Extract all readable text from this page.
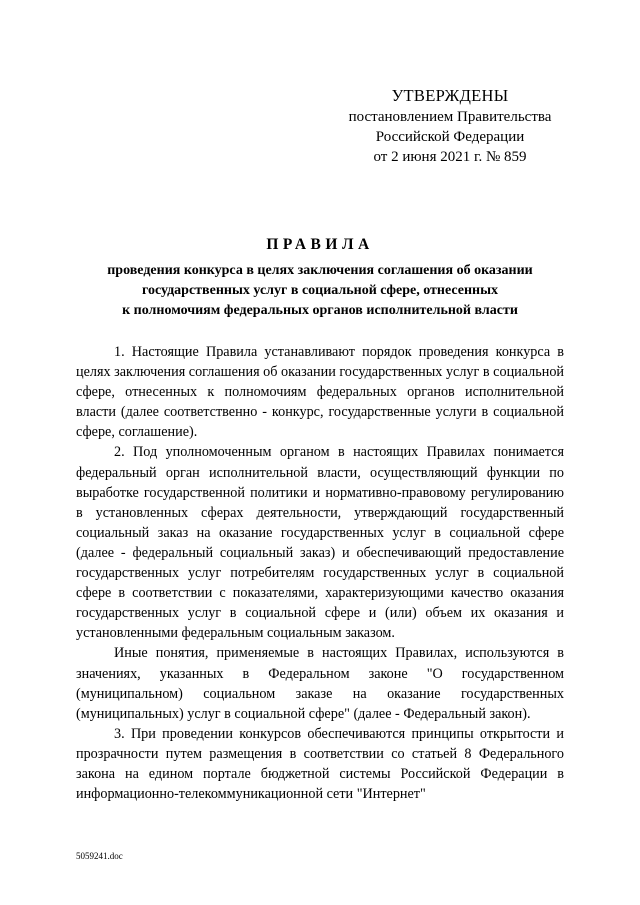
УТВЕРЖДЕНЫ
постановлением Правительства
Российской Федерации
от 2 июня 2021 г. № 859
ПРАВИЛА
проведения конкурса в целях заключения соглашения об оказании
государственных услуг в социальной сфере, отнесенных
к полномочиям федеральных органов исполнительной власти

1. Настоящие Правила устанавливают порядок проведения конкурса в целях заключения соглашения об оказании государственных услуг в социальной сфере, отнесенных к полномочиям федеральных органов исполнительной власти (далее соответственно - конкурс, государственные услуги в социальной сфере, соглашение).

2. Под уполномоченным органом в настоящих Правилах понимается федеральный орган исполнительной власти, осуществляющий функции по выработке государственной политики и нормативно-правовому регулированию в установленных сферах деятельности, утверждающий государственный социальный заказ на оказание государственных услуг в социальной сфере (далее - федеральный социальный заказ) и обеспечивающий предоставление государственных услуг потребителям государственных услуг в социальной сфере в соответствии с показателями, характеризующими качество оказания государственных услуг в социальной сфере и (или) объем их оказания и установленными федеральным социальным заказом.

Иные понятия, применяемые в настоящих Правилах, используются в значениях, указанных в Федеральном законе "О государственном (муниципальном) социальном заказе на оказание государственных (муниципальных) услуг в социальной сфере" (далее - Федеральный закон).

3. При проведении конкурсов обеспечиваются принципы открытости и прозрачности путем размещения в соответствии со статьей 8 Федерального закона на едином портале бюджетной системы Российской Федерации в информационно-телекоммуникационной сети "Интернет"

5059241.doc
